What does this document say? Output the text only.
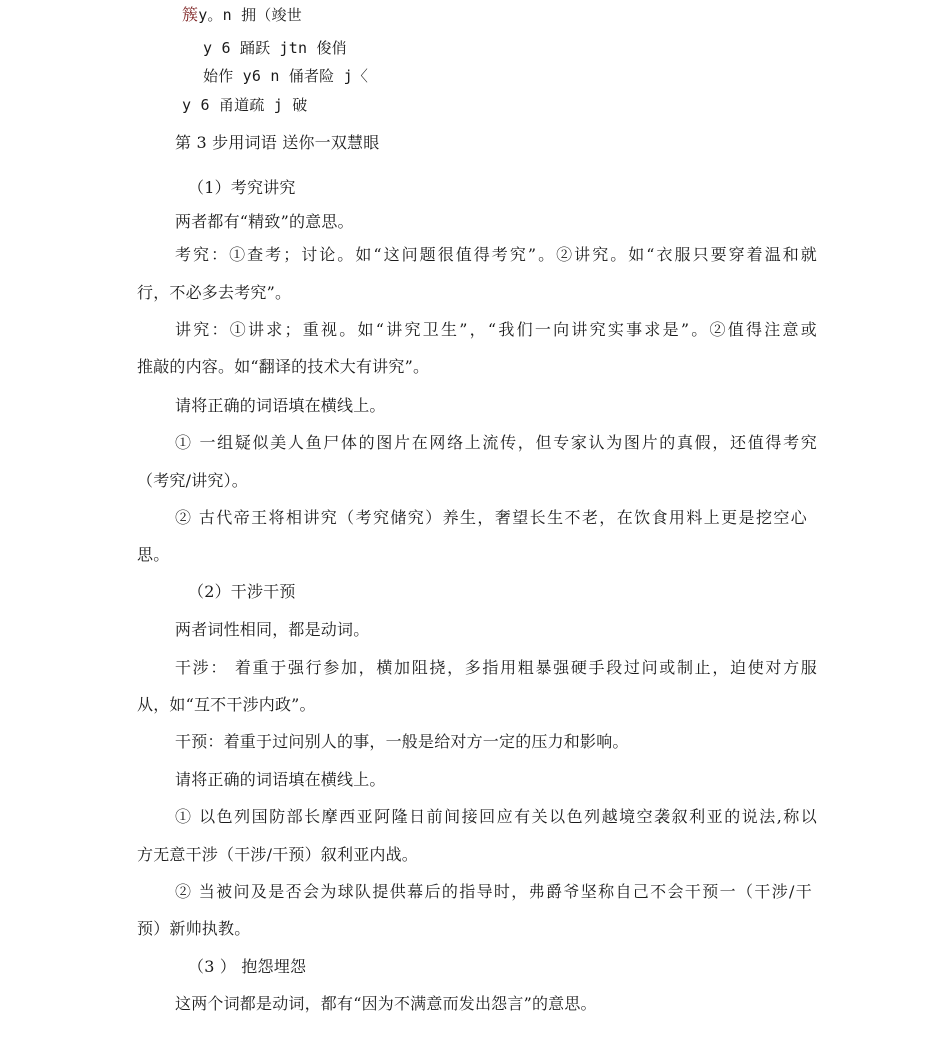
簇y。n 拥（竣世
y 6 踊跃 jtn 俊俏
始作 y6 n 俑者险 j〈
y 6 甬道疏 j 破
第 3 步用词语 送你一双慧眼
（1）考究讲究
两者都有“精致”的意思。
考究：①查考；讨论。如“这问题很值得考究”。②讲究。如“衣服只要穿着温和就
行，不必多去考究”。
讲究：①讲求；重视。如“讲究卫生”，“我们一向讲究实事求是”。②值得注意或
推敲的内容。如“翻译的技术大有讲究”。
请将正确的词语填在横线上。
① 一组疑似美人鱼尸体的图片在网络上流传，但专家认为图片的真假，还值得考究
（考究/讲究）。
② 古代帝王将相讲究（考究储究）养生，奢望长生不老，在饮食用料上更是挖空心
思。
（2）干涉干预
两者词性相同，都是动词。
干涉： 着重于强行参加，横加阻挠，多指用粗暴强硬手段过问或制止，迫使对方服
从，如“互不干涉内政”。
干预：着重于过问别人的事，一般是给对方一定的压力和影响。
请将正确的词语填在横线上。
① 以色列国防部长摩西亚阿隆日前间接回应有关以色列越境空袭叙利亚的说法,称以
方无意干涉（干涉/干预）叙利亚内战。
② 当被问及是否会为球队提供幕后的指导时，弗爵爷坚称自己不会干预一（干涉/干
预）新帅执教。
（3 ） 抱怨埋怨
这两个词都是动词，都有“因为不满意而发出怨言”的意思。
